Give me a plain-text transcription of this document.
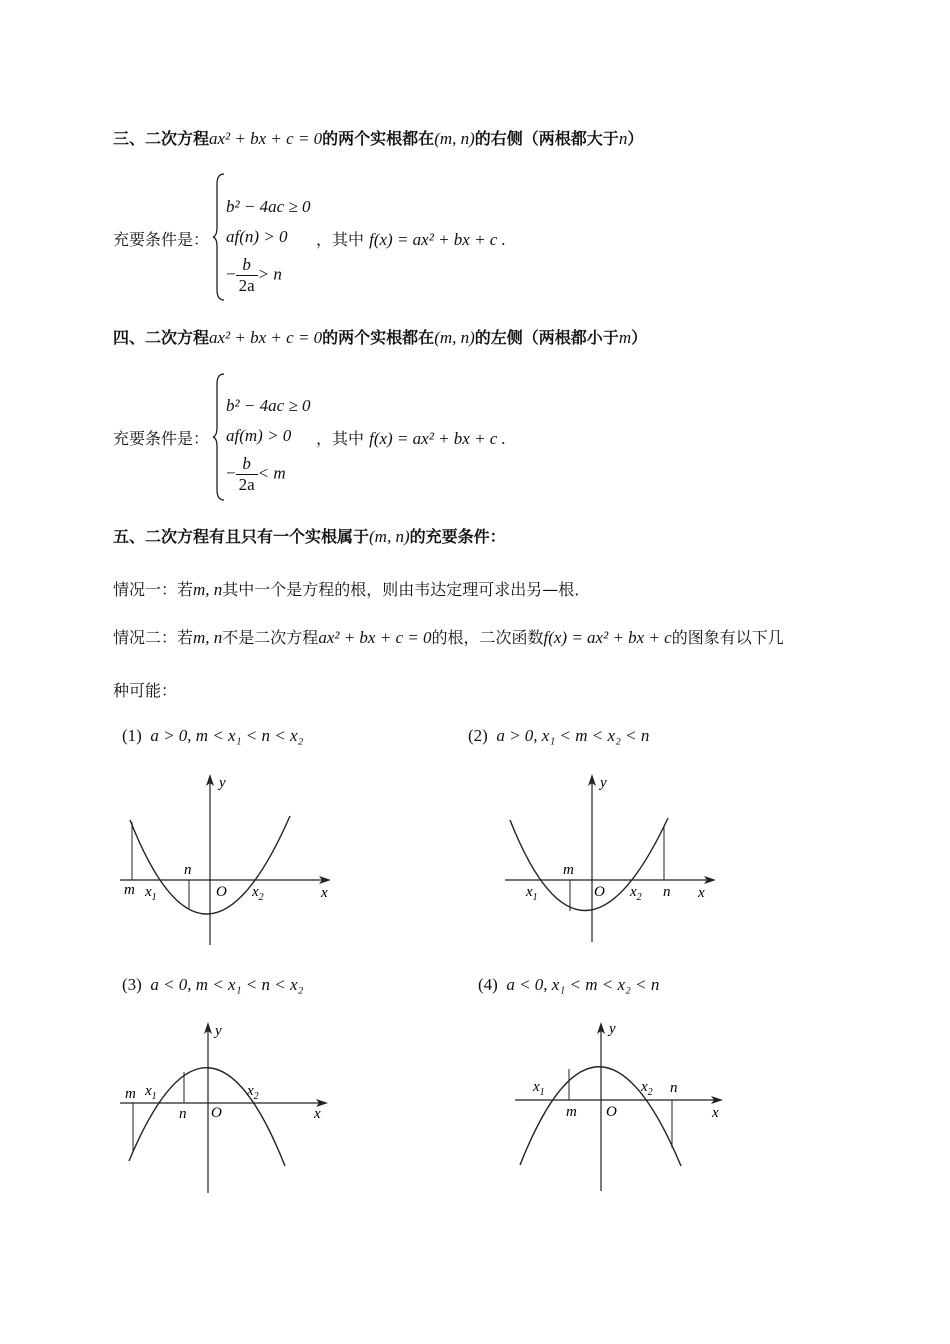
三、二次方程ax² + bx + c = 0的两个实根都在(m, n)的右侧（两根都大于n）
充要条件是：
b² − 4ac ≥ 0
af(n) > 0
− $\frac{b}{2a} > n$
，其中 f(x) = ax² + bx + c .
四、二次方程ax² + bx + c = 0的两个实根都在(m, n)的左侧（两根都小于m）
充要条件是：
b² − 4ac ≥ 0
af(m) > 0
− $\frac{b}{2a} < m$
，其中 f(x) = ax² + bx + c .
五、二次方程有且只有一个实根属于(m, n)的充要条件：
情况一：若m, n其中一个是方程的根，则由韦达定理可求出另—根．
情况二：若m, n不是二次方程ax² + bx + c = 0的根，二次函数f(x) = ax² + bx + c的图象有以下几
种可能：
(1) a > 0, m < x₁ < n < x₂	(2) a > 0, x₁ < m < x₂ < n
(3) a < 0, m < x₁ < n < x₂	(4) a < 0, x₁ < m < x₂ < n
y
x
O
m $x_1$
n
$x_2$
y
x
O
m
$x_1$	$x_2$ n
y
x
O
m $x_1$
n
$x_2$
y
x
O
$x_1$
m
$x_2$ n
